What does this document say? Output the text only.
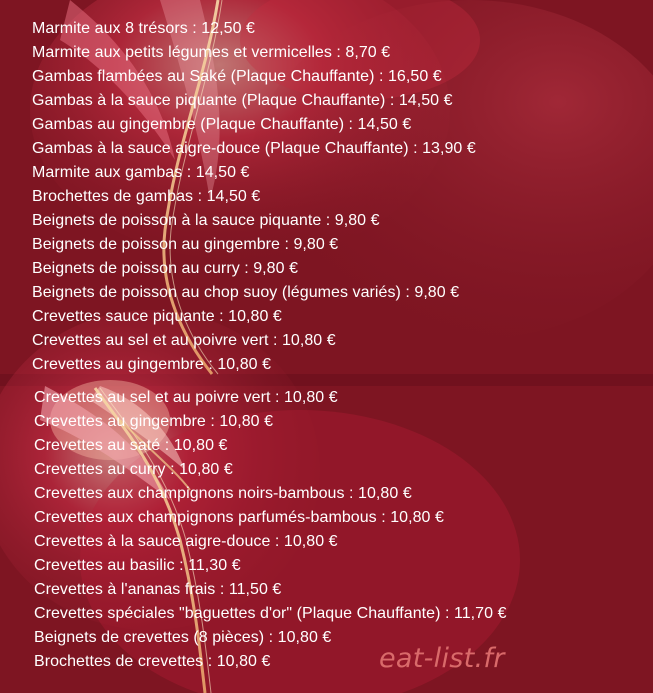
Marmite aux 8 trésors : 12,50 €
Marmite aux petits légumes et vermicelles : 8,70 €
Gambas flambées au Saké (Plaque Chauffante) : 16,50 €
Gambas à la sauce piquante (Plaque Chauffante) : 14,50 €
Gambas au gingembre (Plaque Chauffante) : 14,50 €
Gambas à la sauce aigre-douce (Plaque Chauffante) : 13,90 €
Marmite aux gambas : 14,50 €
Brochettes de gambas : 14,50 €
Beignets de poisson à la sauce piquante : 9,80 €
Beignets de poisson au gingembre : 9,80 €
Beignets de poisson au curry : 9,80 €
Beignets de poisson au chop suoy (légumes variés) : 9,80 €
Crevettes sauce piquante : 10,80 €
Crevettes au sel et au poivre vert : 10,80 €
Crevettes au gingembre : 10,80 €
Crevettes au sel et au poivre vert : 10,80 €
Crevettes au gingembre : 10,80 €
Crevettes au saté : 10,80 €
Crevettes au curry : 10,80 €
Crevettes aux champignons noirs-bambous : 10,80 €
Crevettes aux champignons parfumés-bambous : 10,80 €
Crevettes à la sauce aigre-douce : 10,80 €
Crevettes au basilic : 11,30 €
Crevettes à l'ananas frais : 11,50 €
Crevettes spéciales "baguettes d'or" (Plaque Chauffante) : 11,70 €
Beignets de crevettes (8 pièces) : 10,80 €
Brochettes de crevettes : 10,80 €	eat-list.fr
